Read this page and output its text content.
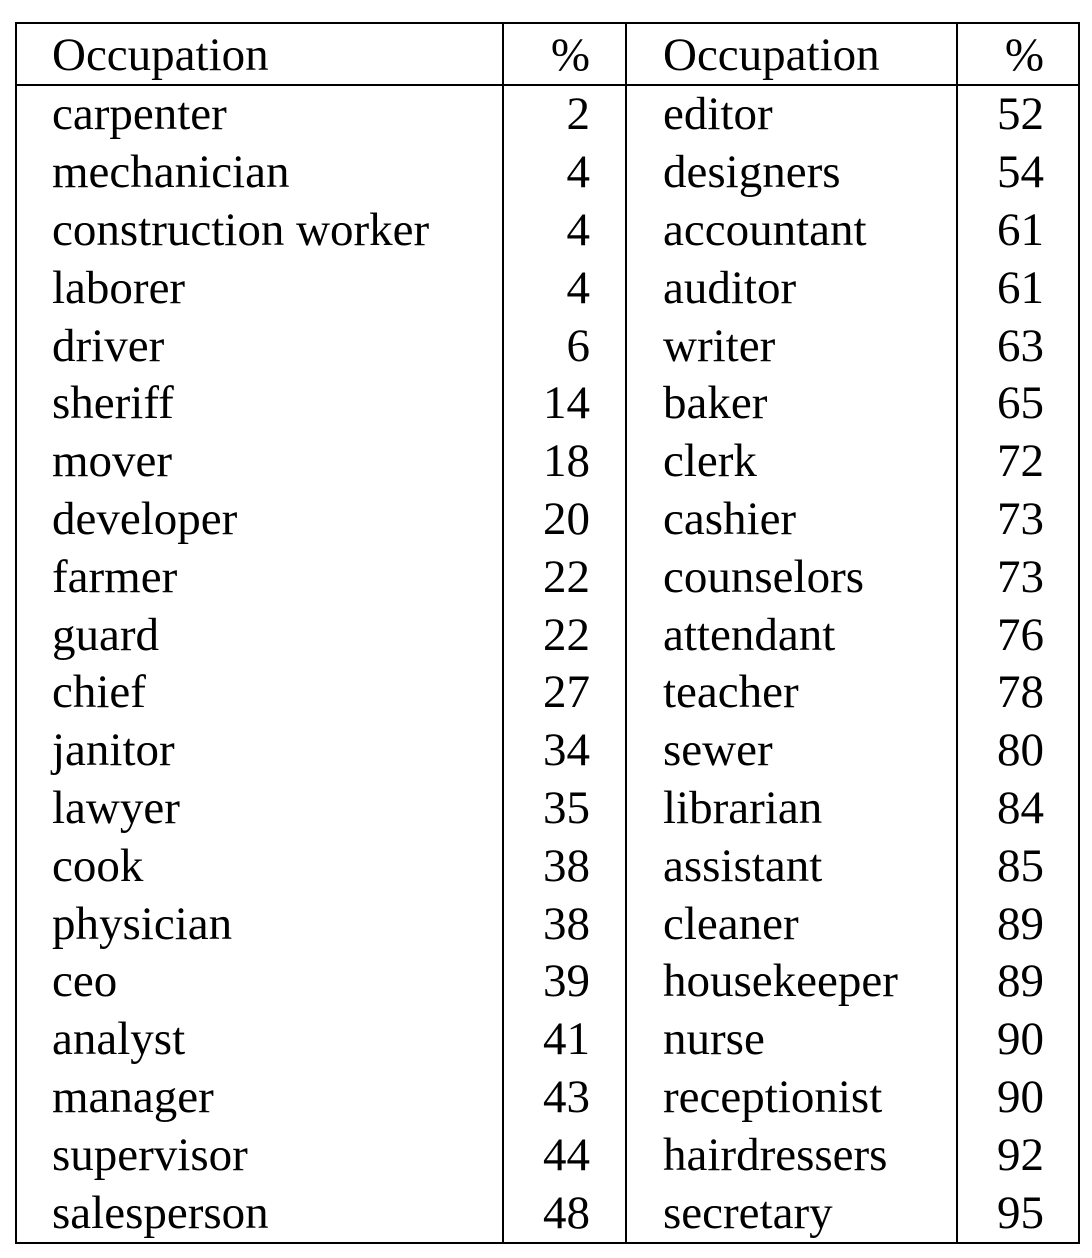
Occupation	%	Occupation	%
carpenter	2	editor	52
mechanician	4	designers	54
construction worker	4	accountant	61
laborer	4	auditor	61
driver	6	writer	63
sheriff	14	baker	65
mover	18	clerk	72
developer	20	cashier	73
farmer	22	counselors	73
guard	22	attendant	76
chief	27	teacher	78
janitor	34	sewer	80
lawyer	35	librarian	84
cook	38	assistant	85
physician	38	cleaner	89
ceo	39	housekeeper	89
analyst	41	nurse	90
manager	43	receptionist	90
supervisor	44	hairdressers	92
salesperson	48	secretary	95
